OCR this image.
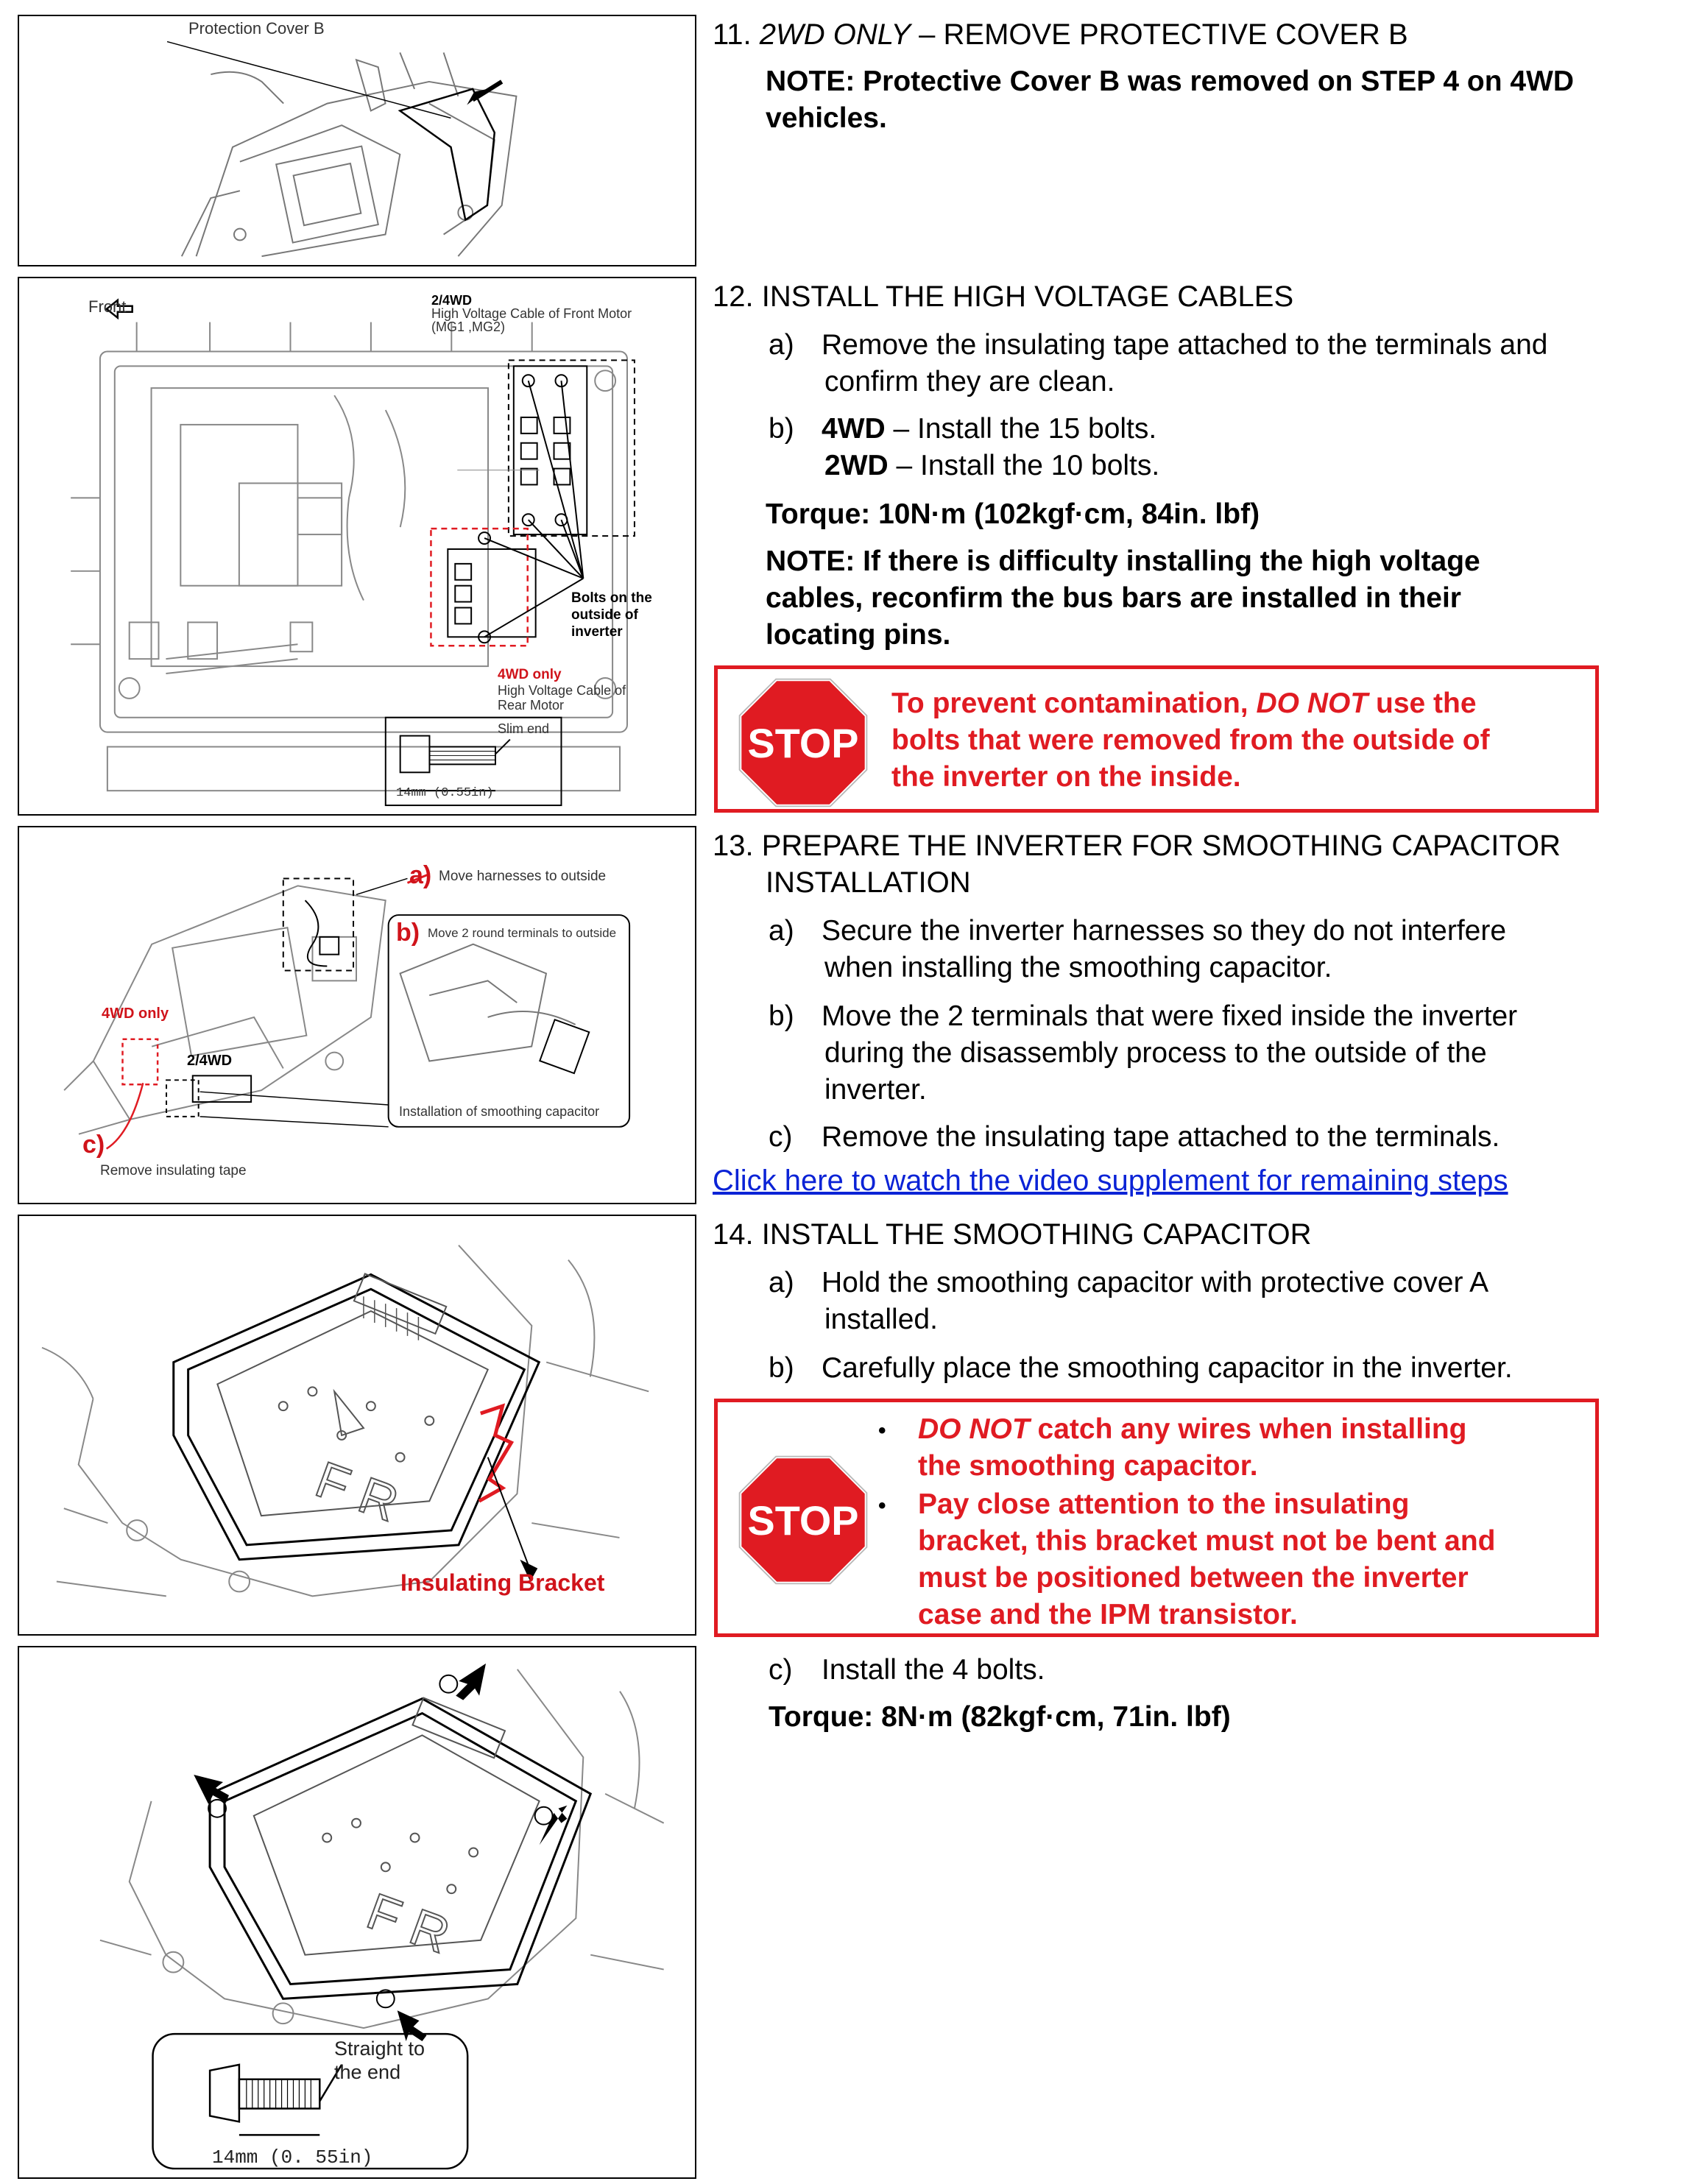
Protection Cover B
Front	2/4WD
High Voltage Cable of Front Motor
(MG1 ,MG2)
Bolts on the
outside of
inverter
4WD only
High Voltage Cable of
Rear Motor
Slim end
14mm (0.55in)
a) Move harnesses to outside
b) Move 2 round terminals to outside
4WD only
2/4WD
c)
Remove insulating tape
Installation of smoothing capacitor
F R
Insulating Bracket
F R
Straight to
the end
14mm (0. 55in)
11. 2WD ONLY – REMOVE PROTECTIVE COVER B
NOTE: Protective Cover B was removed on STEP 4 on 4WD
vehicles.
12. INSTALL THE HIGH VOLTAGE CABLES
a) Remove the insulating tape attached to the terminals and
confirm they are clean.
b) 4WD – Install the 15 bolts.
2WD – Install the 10 bolts.
Torque: 10N·m (102kgf·cm, 84in. lbf)
NOTE: If there is difficulty installing the high voltage
cables, reconfirm the bus bars are installed in their
locating pins.
STOP
To prevent contamination, DO NOT use the
bolts that were removed from the outside of
the inverter on the inside.
13. PREPARE THE INVERTER FOR SMOOTHING CAPACITOR
INSTALLATION
a) Secure the inverter harnesses so they do not interfere
when installing the smoothing capacitor.
b) Move the 2 terminals that were fixed inside the inverter
during the disassembly process to the outside of the
inverter.
c) Remove the insulating tape attached to the terminals.
Click here to watch the video supplement for remaining steps
14. INSTALL THE SMOOTHING CAPACITOR
a) Hold the smoothing capacitor with protective cover A
installed.
b) Carefully place the smoothing capacitor in the inverter.
STOP
• DO NOT catch any wires when installing
the smoothing capacitor.
• Pay close attention to the insulating
bracket, this bracket must not be bent and
must be positioned between the inverter
case and the IPM transistor.
c) Install the 4 bolts.
Torque: 8N·m (82kgf·cm, 71in. lbf)
